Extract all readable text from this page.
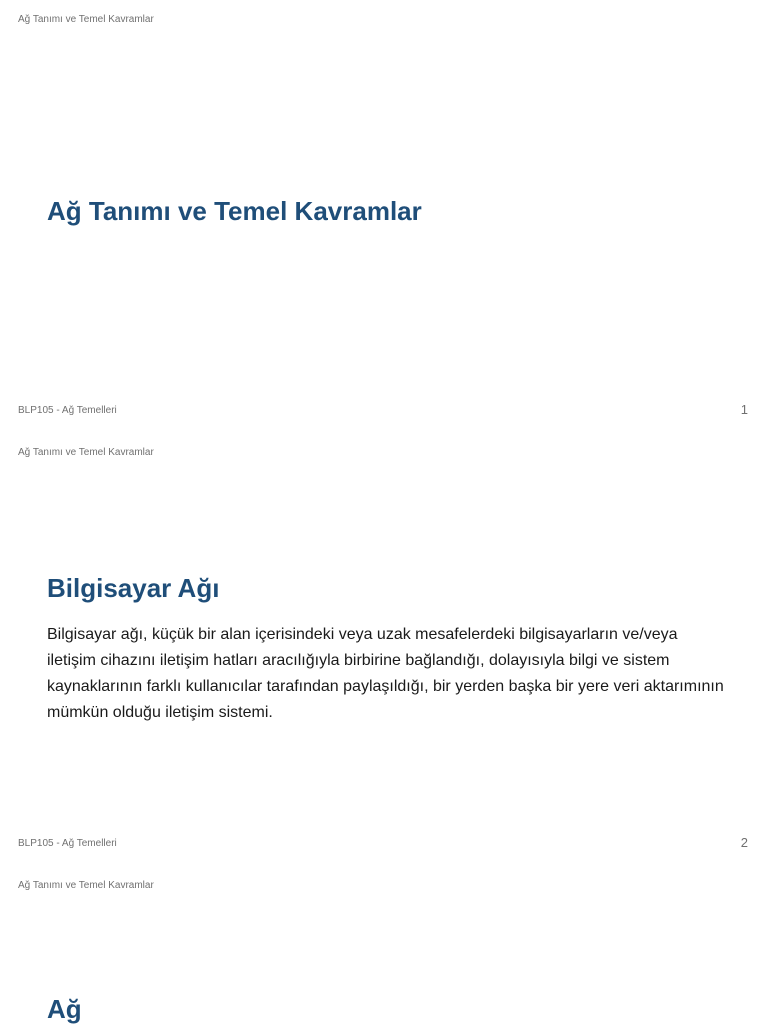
Ağ Tanımı ve Temel Kavramlar
Ağ Tanımı ve Temel Kavramlar
BLP105 - Ağ Temelleri	1
Ağ Tanımı ve Temel Kavramlar
Bilgisayar Ağı

Bilgisayar ağı, küçük bir alan içerisindeki veya uzak mesafelerdeki bilgisayarların ve/veya iletişim cihazını iletişim hatları aracılığıyla birbirine bağlandığı, dolayısıyla bilgi ve sistem kaynaklarının farklı kullanıcılar tarafından paylaşıldığı, bir yerden başka bir yere veri aktarımının mümkün olduğu iletişim sistemi.

BLP105 - Ağ Temelleri	2
Ağ Tanımı ve Temel Kavramlar
Ağ
